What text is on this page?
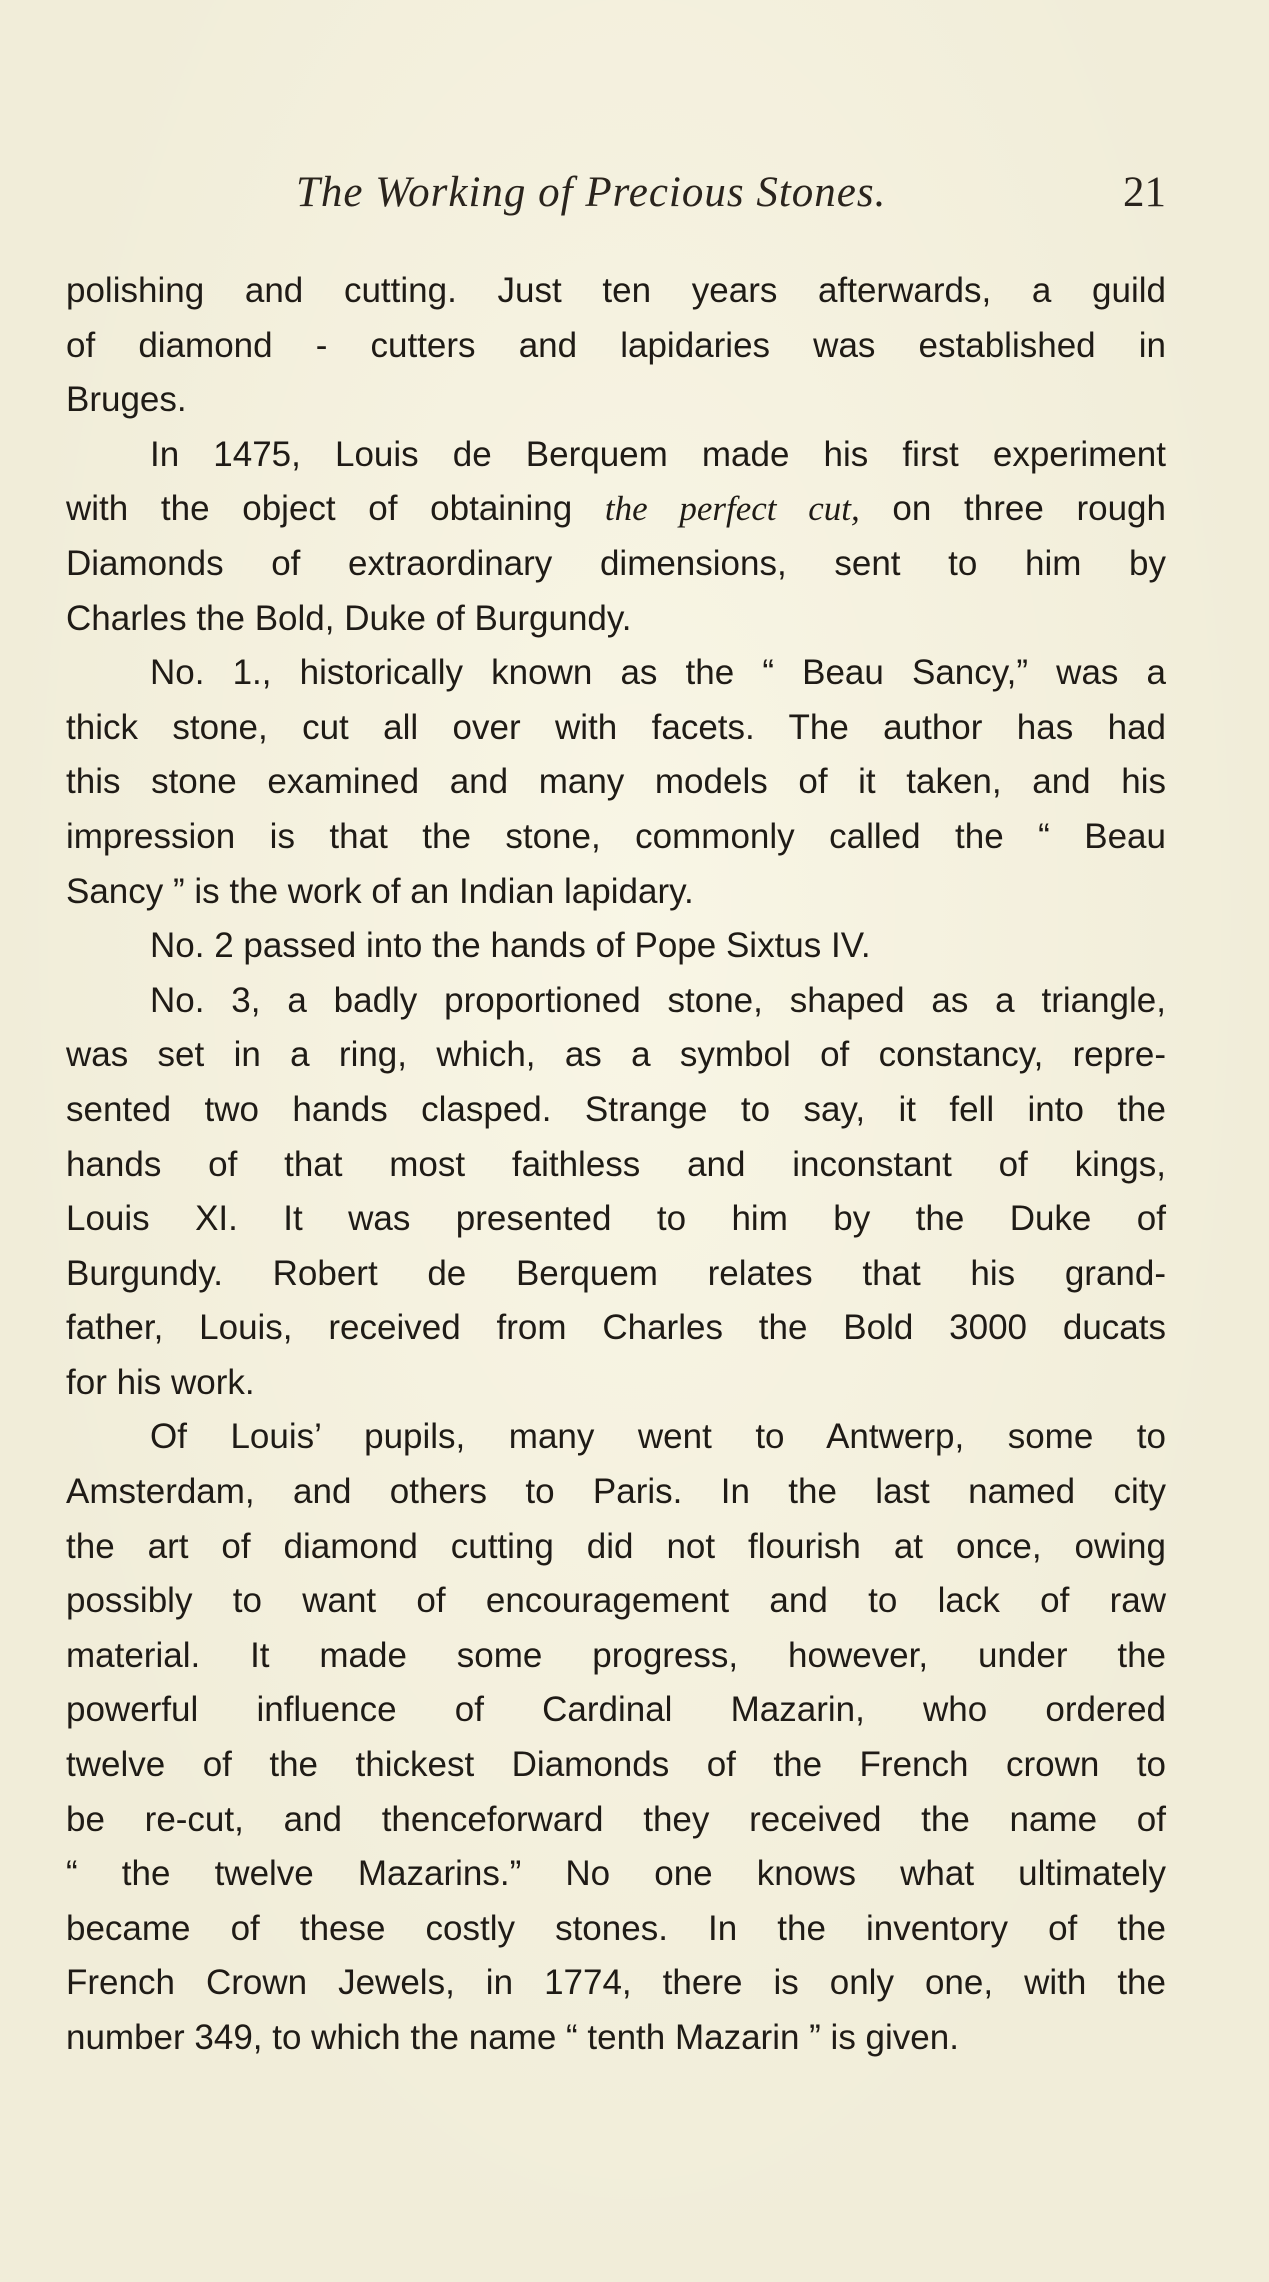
The Working of Precious Stones.	21
polishing and cutting. Just ten years afterwards, a guild
of diamond - cutters and lapidaries was established in
Bruges.
In 1475, Louis de Berquem made his first experiment
with the object of obtaining the perfect cut, on three rough
Diamonds of extraordinary dimensions, sent to him by
Charles the Bold, Duke of Burgundy.
No. 1., historically known as the “ Beau Sancy,” was a
thick stone, cut all over with facets. The author has had
this stone examined and many models of it taken, and his
impression is that the stone, commonly called the “ Beau
Sancy ” is the work of an Indian lapidary.
No. 2 passed into the hands of Pope Sixtus IV.
No. 3, a badly proportioned stone, shaped as a triangle,
was set in a ring, which, as a symbol of constancy, repre-
sented two hands clasped. Strange to say, it fell into the
hands of that most faithless and inconstant of kings,
Louis XI. It was presented to him by the Duke of
Burgundy. Robert de Berquem relates that his grand-
father, Louis, received from Charles the Bold 3000 ducats
for his work.
Of Louis’ pupils, many went to Antwerp, some to
Amsterdam, and others to Paris. In the last named city
the art of diamond cutting did not flourish at once, owing
possibly to want of encouragement and to lack of raw
material. It made some progress, however, under the
powerful influence of Cardinal Mazarin, who ordered
twelve of the thickest Diamonds of the French crown to
be re-cut, and thenceforward they received the name of
“ the twelve Mazarins.” No one knows what ultimately
became of these costly stones. In the inventory of the
French Crown Jewels, in 1774, there is only one, with the
number 349, to which the name “ tenth Mazarin ” is given.
